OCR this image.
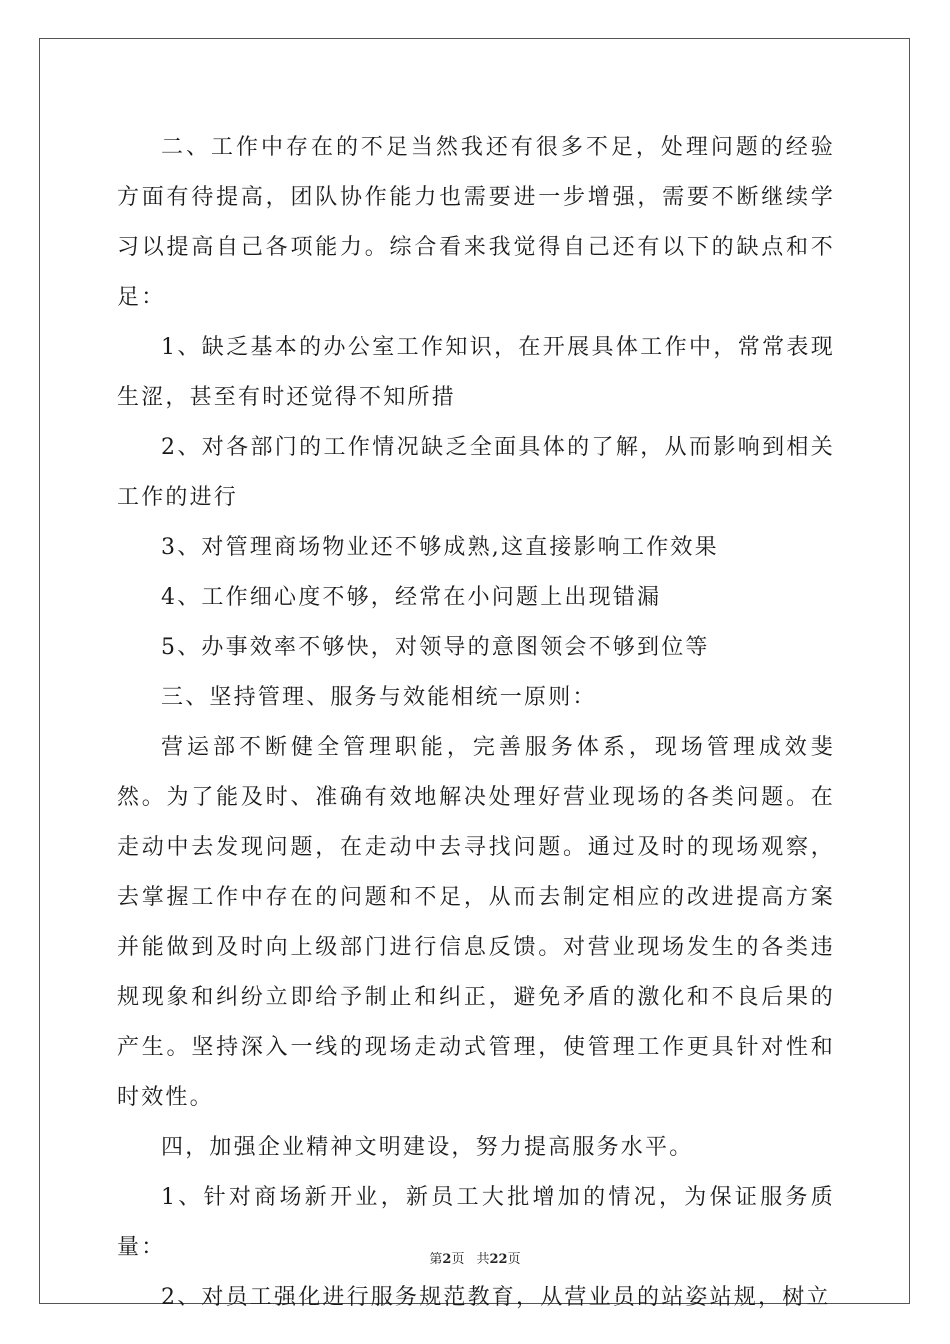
二、工作中存在的不足当然我还有很多不足，处理问题的经验方面有待提高，团队协作能力也需要进一步增强，需要不断继续学习以提高自己各项能力。综合看来我觉得自己还有以下的缺点和不足：

1、缺乏基本的办公室工作知识，在开展具体工作中，常常表现生涩，甚至有时还觉得不知所措

2、对各部门的工作情况缺乏全面具体的了解，从而影响到相关工作的进行

3、对管理商场物业还不够成熟,这直接影响工作效果

4、工作细心度不够，经常在小问题上出现错漏

5、办事效率不够快，对领导的意图领会不够到位等

三、坚持管理、服务与效能相统一原则：

营运部不断健全管理职能，完善服务体系，现场管理成效斐然。为了能及时、准确有效地解决处理好营业现场的各类问题。在走动中去发现问题，在走动中去寻找问题。通过及时的现场观察，去掌握工作中存在的问题和不足，从而去制定相应的改进提高方案并能做到及时向上级部门进行信息反馈。对营业现场发生的各类违规现象和纠纷立即给予制止和纠正，避免矛盾的激化和不良后果的产生。坚持深入一线的现场走动式管理，使管理工作更具针对性和时效性。

四，加强企业精神文明建设，努力提高服务水平。

1、针对商场新开业，新员工大批增加的情况，为保证服务质量：

2、对员工强化进行服务规范教育，从营业员的站姿站规，树立

第2页 共22页
